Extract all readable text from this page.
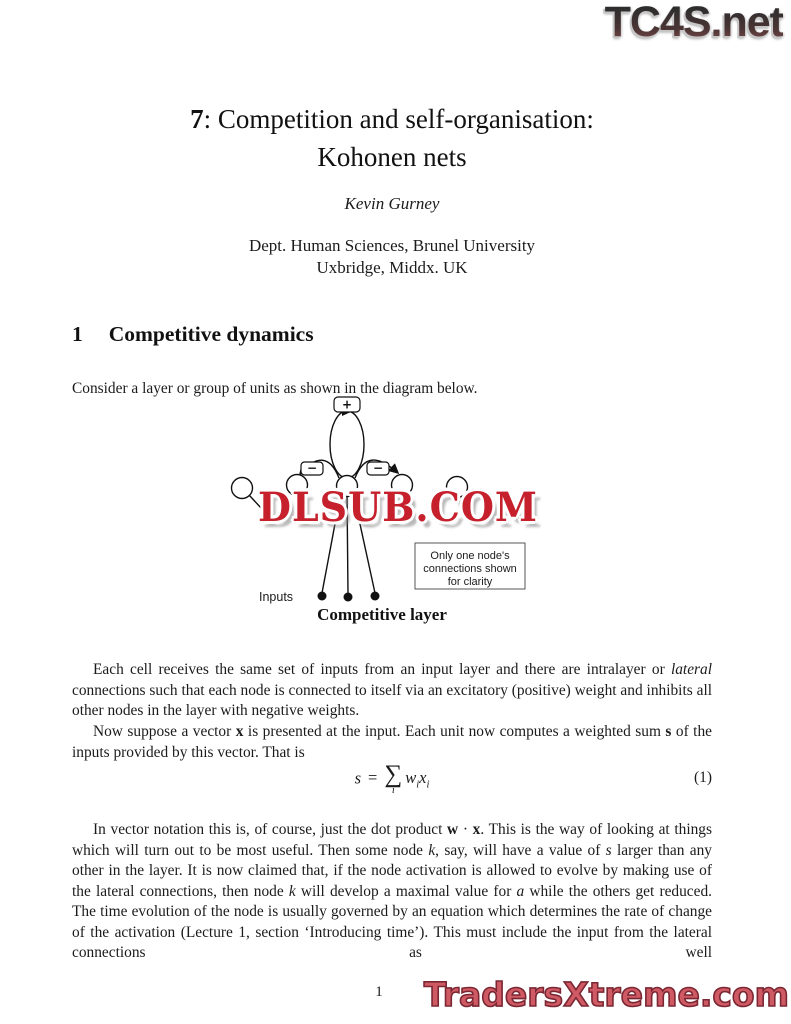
TC4S.net
7: Competition and self-organisation:
Kohonen nets
Kevin Gurney
Dept. Human Sciences, Brunel University
Uxbridge, Middx. UK
1 Competitive dynamics

Consider a layer or group of units as shown in the diagram below.

+
−	−
Only one node's
connections shown
for clarity
Inputs
Competitive layer
DLSUB.COM

Each cell receives the same set of inputs from an input layer and there are intralayer or lateral connections such that each node is connected to itself via an excitatory (positive) weight and inhibits all other nodes in the layer with negative weights.

Now suppose a vector x is presented at the input. Each unit now computes a weighted sum s of the inputs provided by this vector. That is

s = ∑
i
$w_ix_i$	(1)

In vector notation this is, of course, just the dot product w · x. This is the way of looking at things which will turn out to be most useful. Then some node k, say, will have a value of s larger than any other in the layer. It is now claimed that, if the node activation is allowed to evolve by making use of the lateral connections, then node k will develop a maximal value for a while the others get reduced. The time evolution of the node is usually governed by an equation which determines the rate of change of the activation (Lecture 1, section ‘Introducing time’). This must include the input from the lateral connections as well

1	TradersXtreme.com
